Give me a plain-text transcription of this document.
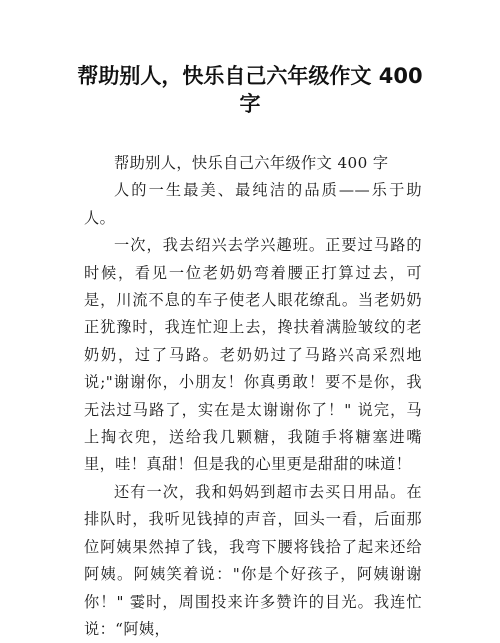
帮助别人，快乐自己六年级作文 400
字

帮助别人，快乐自己六年级作文 400 字

人的一生最美、最纯洁的品质——乐于助人。

一次，我去绍兴去学兴趣班。正要过马路的时候，看见一位老奶奶弯着腰正打算过去，可是，川流不息的车子使老人眼花缭乱。当老奶奶正犹豫时，我连忙迎上去，搀扶着满脸皱纹的老奶奶，过了马路。老奶奶过了马路兴高采烈地说;"谢谢你，小朋友！你真勇敢！要不是你，我无法过马路了，实在是太谢谢你了！" 说完，马上掏衣兜，送给我几颗糖，我随手将糖塞进嘴里，哇！真甜！但是我的心里更是甜甜的味道！

还有一次，我和妈妈到超市去买日用品。在排队时，我听见钱掉的声音，回头一看，后面那位阿姨果然掉了钱，我弯下腰将钱拾了起来还给阿姨。阿姨笑着说："你是个好孩子，阿姨谢谢你！" 霎时，周围投来许多赞许的目光。我连忙说：“阿姨，
